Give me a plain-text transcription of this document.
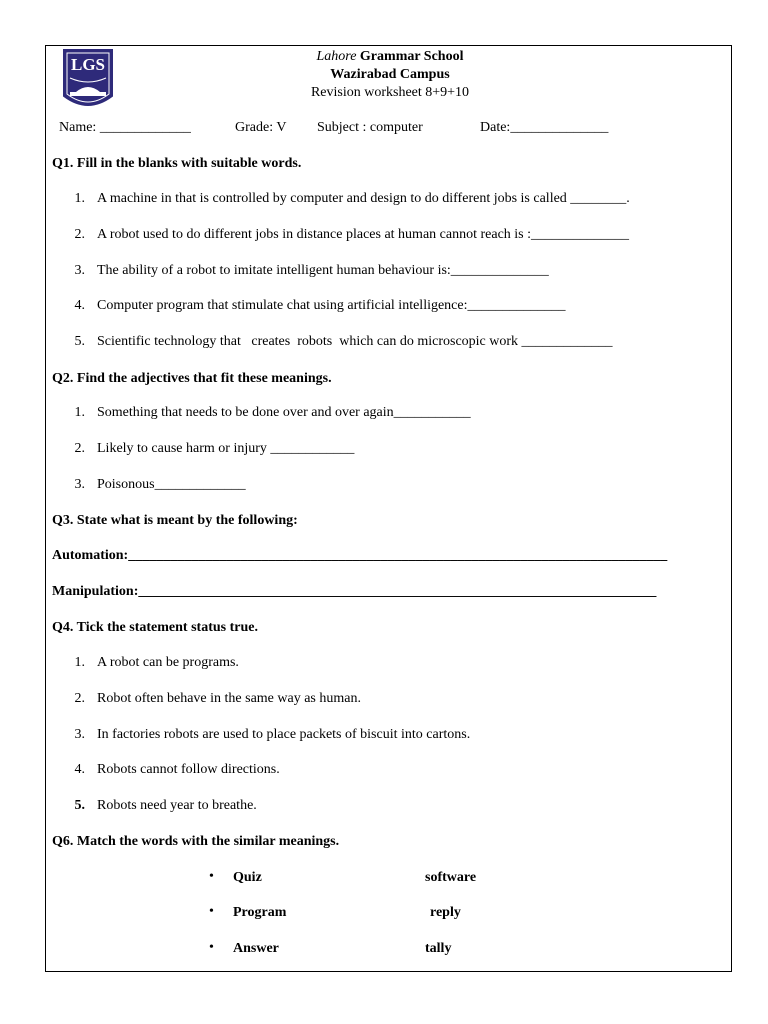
LGS	Lahore Grammar School
Wazirabad Campus
Revision worksheet 8+9+10
Name: _____________	Grade: V Subject : computer	Date:______________
Q1. Fill in the blanks with suitable words.
1. A machine in that is controlled by computer and design to do different jobs is called ________.
2. A robot used to do different jobs in distance places at human cannot reach is :______________
3. The ability of a robot to imitate intelligent human behaviour is:______________
4. Computer program that stimulate chat using artificial intelligence:______________
5. Scientific technology that   creates  robots  which can do microscopic work _____________
Q2. Find the adjectives that fit these meanings.
1. Something that needs to be done over and over again___________
2. Likely to cause harm or injury ____________
3. Poisonous_____________
Q3. State what is meant by the following:
Automation:_____________________________________________________________________________
Manipulation:__________________________________________________________________________
Q4. Tick the statement status true.
1. A robot can be programs.
2. Robot often behave in the same way as human.
3. In factories robots are used to place packets of biscuit into cartons.
4. Robots cannot follow directions.
5. Robots need year to breathe.
Q6. Match the words with the similar meanings.
• Quiz	software
• Program	reply
• Answer	tally
